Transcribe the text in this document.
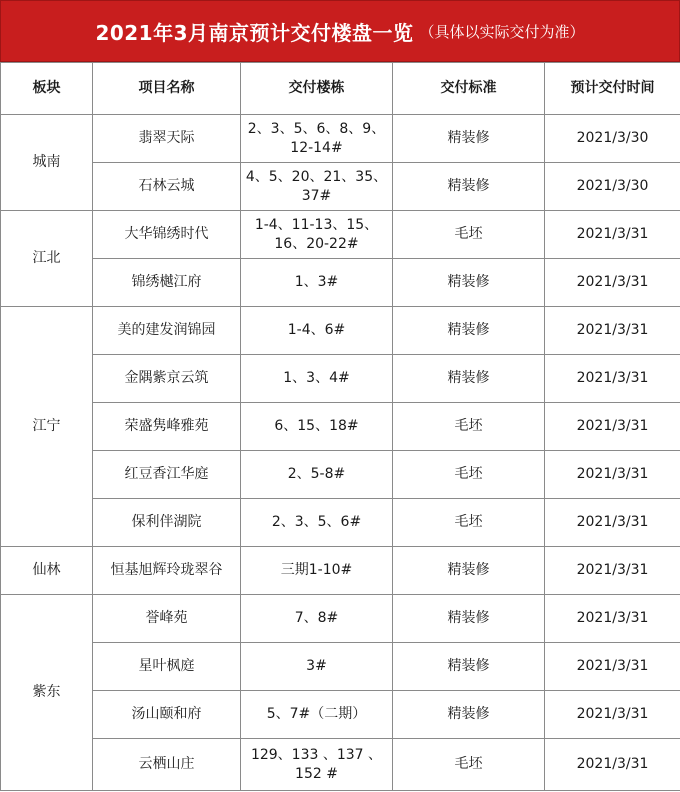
2021年3月南京预计交付楼盘一览 （具体以实际交付为准）
板块	项目名称	交付楼栋	交付标准	预计交付时间
城南	翡翠天际	2、3、5、6、8、9、12-14#	精装修	2021/3/30
	石林云城	4、5、20、21、35、37#	精装修	2021/3/30
江北	大华锦绣时代	1-4、11-13、15、16、20-22#	毛坯	2021/3/31
	锦绣樾江府	1、3#	精装修	2021/3/31
江宁	美的建发润锦园	1-4、6#	精装修	2021/3/31
	金隅紫京云筑	1、3、4#	精装修	2021/3/31
	荣盛隽峰雅苑	6、15、18#	毛坯	2021/3/31
	红豆香江华庭	2、5-8#	毛坯	2021/3/31
	保利伴湖院	2、3、5、6#	毛坯	2021/3/31
仙林	恒基旭辉玲珑翠谷	三期1-10#	精装修	2021/3/31
紫东	誉峰苑	7、8#	精装修	2021/3/31
	星叶枫庭	3#	精装修	2021/3/31
	汤山颐和府	5、7#（二期）	精装修	2021/3/31
	云栖山庄	129、133 、137 、152 #	毛坯	2021/3/31
